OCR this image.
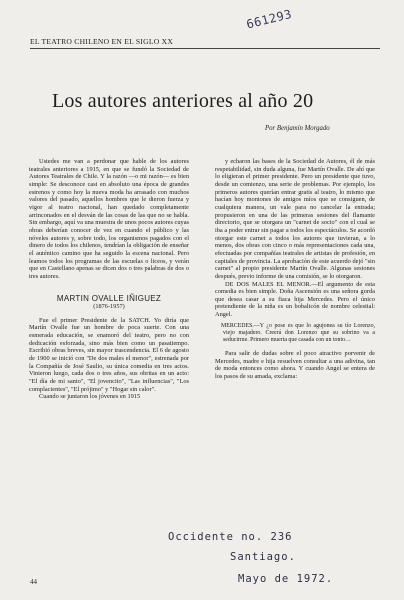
EL TEATRO CHILENO EN EL SIGLO XX
661293
Los autores anteriores al año 20
Por Benjamín Morgado

Ustedes me van a perdonar que hable de los autores teatrales anteriores a 1915, en que se fundó la Sociedad de Autores Teatrales de Chile. Y la razón —o mi razón— es bien simple: Se desconoce casi en absoluto una época de grandes estrenos y como hoy la nueva moda ha arrasado con muchos valores del pasado, aquellos hombres que le dieron fuerza y vigor al teatro nacional, han quedado completamente arrinconados en el desván de las cosas de las que no se habla. Sin embargo, aquí va una muestra de unos pocos autores cuyas obras deberían conocer de vez en cuando el público y las nóveles autores y, sobre todo, los organismos pagados con el dinero de todos los chilenos, tendrían la obligación de enseñar el auténtico camino que ha seguido la escena nacional. Pero leamos todos los programas de las escuelas o liceos, y verán que en Castellano apenas se dicen dos o tres palabras de dos o tres autores.

MARTIN OVALLE IÑIGUEZ
(1876-1957)

Fue el primer Presidente de la SATCH. Yo diría que Martín Ovalle fue un hombre de poca suerte. Con una esmerada educación, se enamoró del teatro, pero no con dedicación esforzada, sino más bien como un pasatiempo. Escribió obras breves, sin mayor trascendencia. El 6 de agosto de 1900 se inició con "De dos males el menor", estrenada por la Compañía de José Saulio, su única comedia en tres actos. Vinieron luego, cada dos o tres años, sus obritas en un acto: "El día de mi santo", "El jovencito", "Las influencias", "Los complacientes", "El prójimo" y "Hogar sin calor".

Cuando se juntaron los jóvenes en 1915

y echaron las bases de la Sociedad de Autores, él de más respetabilidad, sin duda alguna, fue Martín Ovalle. De ahí que lo eligieran el primer presidente. Pero un presidente que tuvo, desde un comienzo, una serie de problemas. Por ejemplo, los primeros autores querían entrar gratis al teatro, lo mismo que hacían hoy montones de amigos míos que se consiguen, de cualquiera manera, un vale para no cancelar la entrada; propusieron en una de las primeras sesiones del flamante directorio, que se otorgara un "carnet de socio" con el cual se iba a poder entrar sin pagar a todos los espectáculos. Se acordó otorgar este carnet a todos los autores que tuvieran, a lo menos, dos obras con cinco o más representaciones cada una, efectuadas por compañías teatrales de artistas de profesión, en capitales de provincia. La aprobación de este acuerdo dejó "sin carnet" al propio presidente Martín Ovalle. Algunas sesiones después, previo informe de una comisión, se lo otorgaron.

DE DOS MALES EL MENOR.—El argumento de esta comedia es bien simple. Doña Ascensión es una señora gorda que desea casar a su fiaca hija Mercedes. Pero el único pretendiente de la niña es un bobalicón de nombre celestial: Angel.

MERCEDES.—Y ¿o pose es que lo agujonea su tío Lorenzo, viejo majadero. Creerá don Lorenzo que su sobrino va a seducirme. Primero muerta que casada con un tonto…

Para salir de dudas sobre el poco atractivo porvenir de Mercedes, madre e hija resuelven consultar a una adivina, tan de moda entonces como ahora. Y cuando Angel se entera de los pasos de su amada, exclama:

44
Occidente no. 236
Santiago.
Mayo de 1972.
